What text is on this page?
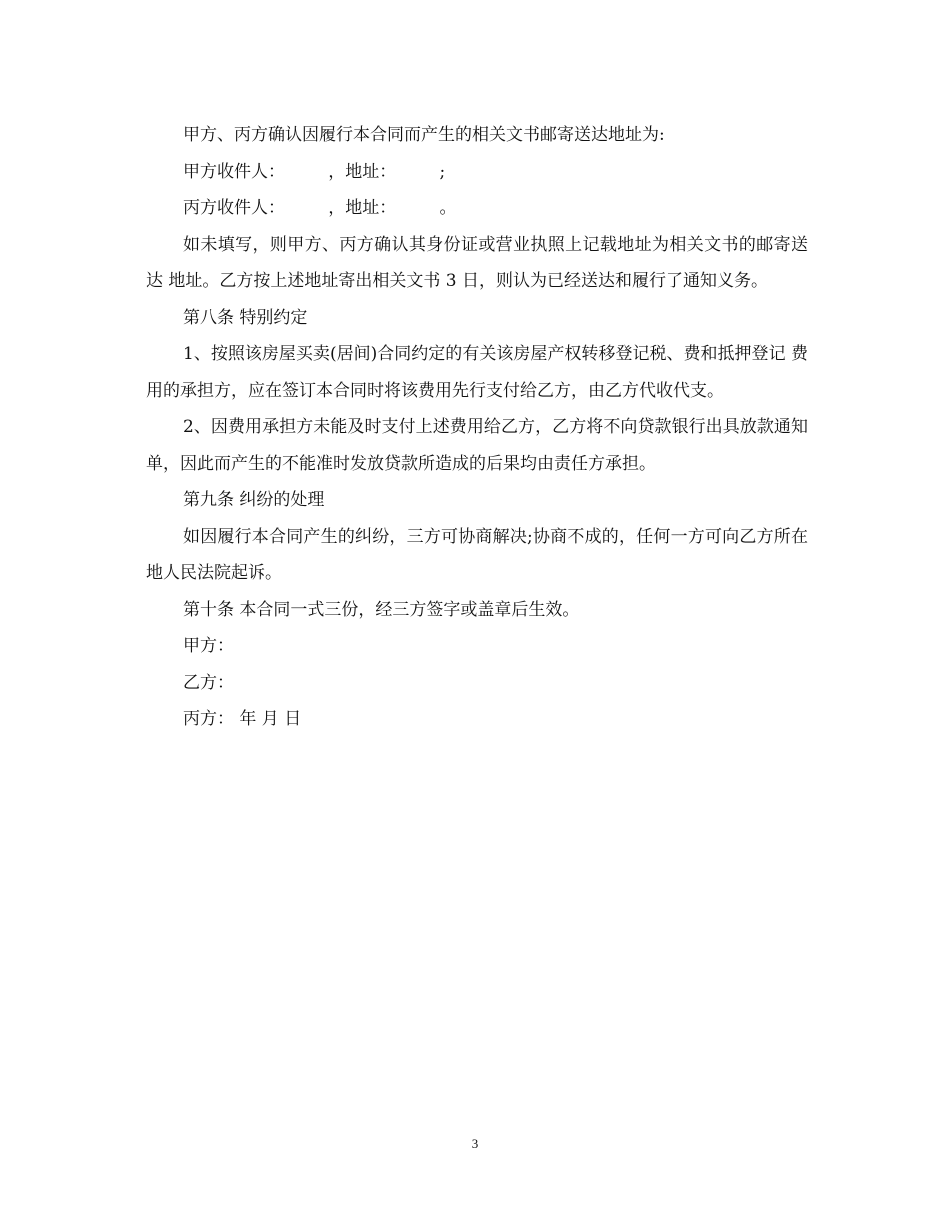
甲方、丙方确认因履行本合同而产生的相关文书邮寄送达地址为:

甲方收件人：        ，地址：        ;

丙方收件人：        ，地址：        。

如未填写，则甲方、丙方确认其身份证或营业执照上记载地址为相关文书的邮寄送达 地址。乙方按上述地址寄出相关文书 3 日，则认为已经送达和履行了通知义务。

第八条 特别约定

1、按照该房屋买卖(居间)合同约定的有关该房屋产权转移登记税、费和抵押登记 费用的承担方，应在签订本合同时将该费用先行支付给乙方，由乙方代收代支。

2、因费用承担方未能及时支付上述费用给乙方，乙方将不向贷款银行出具放款通知 单，因此而产生的不能准时发放贷款所造成的后果均由责任方承担。

第九条 纠纷的处理

如因履行本合同产生的纠纷，三方可协商解决;协商不成的，任何一方可向乙方所在 地人民法院起诉。

第十条 本合同一式三份，经三方签字或盖章后生效。

甲方：

乙方：

丙方： 年 月 日

3
